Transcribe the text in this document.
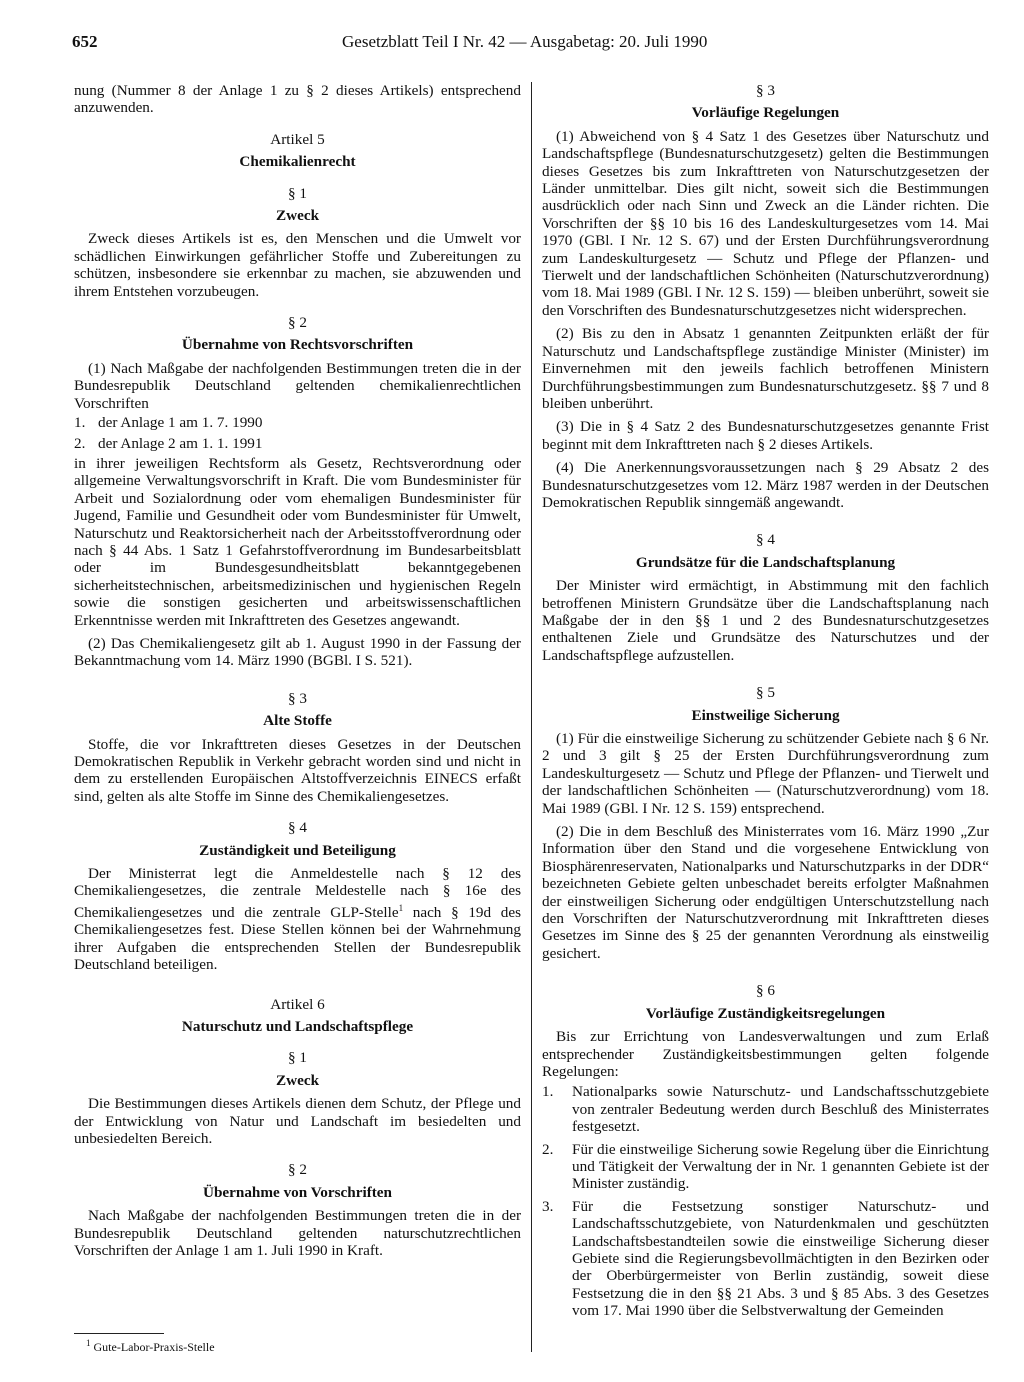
652	Gesetzblatt Teil I Nr. 42 — Ausgabetag: 20. Juli 1990

nung (Nummer 8 der Anlage 1 zu § 2 dieses Artikels) entsprechend anzuwenden.

Artikel 5

Chemikalienrecht

§ 1

Zweck

Zweck dieses Artikels ist es, den Menschen und die Umwelt vor schädlichen Einwirkungen gefährlicher Stoffe und Zubereitungen zu schützen, insbesondere sie erkennbar zu machen, sie abzuwenden und ihrem Entstehen vorzubeugen.

§ 2

Übernahme von Rechtsvorschriften

(1) Nach Maßgabe der nachfolgenden Bestimmungen treten die in der Bundesrepublik Deutschland geltenden chemikalienrechtlichen Vorschriften

1. der Anlage 1 am 1. 7. 1990
2. der Anlage 2 am 1. 1. 1991

in ihrer jeweiligen Rechtsform als Gesetz, Rechtsverordnung oder allgemeine Verwaltungsvorschrift in Kraft. Die vom Bundesminister für Arbeit und Sozialordnung oder vom ehemaligen Bundesminister für Jugend, Familie und Gesundheit oder vom Bundesminister für Umwelt, Naturschutz und Reaktorsicherheit nach der Arbeitsstoffverordnung oder nach § 44 Abs. 1 Satz 1 Gefahrstoffverordnung im Bundesarbeitsblatt oder im Bundesgesundheitsblatt bekanntgegebenen sicherheitstechnischen, arbeitsmedizinischen und hygienischen Regeln sowie die sonstigen gesicherten und arbeitswissenschaftlichen Erkenntnisse werden mit Inkrafttreten des Gesetzes angewandt.

(2) Das Chemikaliengesetz gilt ab 1. August 1990 in der Fassung der Bekanntmachung vom 14. März 1990 (BGBl. I S. 521).

§ 3

Alte Stoffe

Stoffe, die vor Inkrafttreten dieses Gesetzes in der Deutschen Demokratischen Republik in Verkehr gebracht worden sind und nicht in dem zu erstellenden Europäischen Altstoffverzeichnis EINECS erfaßt sind, gelten als alte Stoffe im Sinne des Chemikaliengesetzes.

§ 4

Zuständigkeit und Beteiligung

Der Ministerrat legt die Anmeldestelle nach § 12 des Chemikaliengesetzes, die zentrale Meldestelle nach § 16e des Chemikaliengesetzes und die zentrale GLP-Stelle$^1$ nach § 19d des Chemikaliengesetzes fest. Diese Stellen können bei der Wahrnehmung ihrer Aufgaben die entsprechenden Stellen der Bundesrepublik Deutschland beteiligen.

Artikel 6

Naturschutz und Landschaftspflege

§ 1

Zweck

Die Bestimmungen dieses Artikels dienen dem Schutz, der Pflege und der Entwicklung von Natur und Landschaft im besiedelten und unbesiedelten Bereich.

§ 2

Übernahme von Vorschriften

Nach Maßgabe der nachfolgenden Bestimmungen treten die in der Bundesrepublik Deutschland geltenden naturschutzrechtlichen Vorschriften der Anlage 1 am 1. Juli 1990 in Kraft.

$^1$ Gute-Labor-Praxis-Stelle

§ 3

Vorläufige Regelungen

(1) Abweichend von § 4 Satz 1 des Gesetzes über Naturschutz und Landschaftspflege (Bundesnaturschutzgesetz) gelten die Bestimmungen dieses Gesetzes bis zum Inkrafttreten von Naturschutzgesetzen der Länder unmittelbar. Dies gilt nicht, soweit sich die Bestimmungen ausdrücklich oder nach Sinn und Zweck an die Länder richten. Die Vorschriften der §§ 10 bis 16 des Landeskulturgesetzes vom 14. Mai 1970 (GBl. I Nr. 12 S. 67) und der Ersten Durchführungsverordnung zum Landeskulturgesetz — Schutz und Pflege der Pflanzen- und Tierwelt und der landschaftlichen Schönheiten (Naturschutzverordnung) vom 18. Mai 1989 (GBl. I Nr. 12 S. 159) — bleiben unberührt, soweit sie den Vorschriften des Bundesnaturschutzgesetzes nicht widersprechen.

(2) Bis zu den in Absatz 1 genannten Zeitpunkten erläßt der für Naturschutz und Landschaftspflege zuständige Minister (Minister) im Einvernehmen mit den jeweils fachlich betroffenen Ministern Durchführungsbestimmungen zum Bundesnaturschutzgesetz. §§ 7 und 8 bleiben unberührt.

(3) Die in § 4 Satz 2 des Bundesnaturschutzgesetzes genannte Frist beginnt mit dem Inkrafttreten nach § 2 dieses Artikels.

(4) Die Anerkennungsvoraussetzungen nach § 29 Absatz 2 des Bundesnaturschutzgesetzes vom 12. März 1987 werden in der Deutschen Demokratischen Republik sinngemäß angewandt.

§ 4

Grundsätze für die Landschaftsplanung

Der Minister wird ermächtigt, in Abstimmung mit den fachlich betroffenen Ministern Grundsätze über die Landschaftsplanung nach Maßgabe der in den §§ 1 und 2 des Bundesnaturschutzgesetzes enthaltenen Ziele und Grundsätze des Naturschutzes und der Landschaftspflege aufzustellen.

§ 5

Einstweilige Sicherung

(1) Für die einstweilige Sicherung zu schützender Gebiete nach § 6 Nr. 2 und 3 gilt § 25 der Ersten Durchführungsverordnung zum Landeskulturgesetz — Schutz und Pflege der Pflanzen- und Tierwelt und der landschaftlichen Schönheiten — (Naturschutzverordnung) vom 18. Mai 1989 (GBl. I Nr. 12 S. 159) entsprechend.

(2) Die in dem Beschluß des Ministerrates vom 16. März 1990 „Zur Information über den Stand und die vorgesehene Entwicklung von Biosphärenreservaten, Nationalparks und Naturschutzparks in der DDR“ bezeichneten Gebiete gelten unbeschadet bereits erfolgter Maßnahmen der einstweiligen Sicherung oder endgültigen Unterschutzstellung nach den Vorschriften der Naturschutzverordnung mit Inkrafttreten dieses Gesetzes im Sinne des § 25 der genannten Verordnung als einstweilig gesichert.

§ 6

Vorläufige Zuständigkeitsregelungen

Bis zur Errichtung von Landesverwaltungen und zum Erlaß entsprechender Zuständigkeitsbestimmungen gelten folgende Regelungen:

1. Nationalparks sowie Naturschutz- und Landschaftsschutzgebiete von zentraler Bedeutung werden durch Beschluß des Ministerrates festgesetzt.
2. Für die einstweilige Sicherung sowie Regelung über die Einrichtung und Tätigkeit der Verwaltung der in Nr. 1 genannten Gebiete ist der Minister zuständig.
3. Für die Festsetzung sonstiger Naturschutz- und Landschaftsschutzgebiete, von Naturdenkmalen und geschützten Landschaftsbestandteilen sowie die einstweilige Sicherung dieser Gebiete sind die Regierungsbevollmächtigten in den Bezirken oder der Oberbürgermeister von Berlin zuständig, soweit diese Festsetzung die in den §§ 21 Abs. 3 und § 85 Abs. 3 des Gesetzes vom 17. Mai 1990 über die Selbstverwaltung der Gemeinden
